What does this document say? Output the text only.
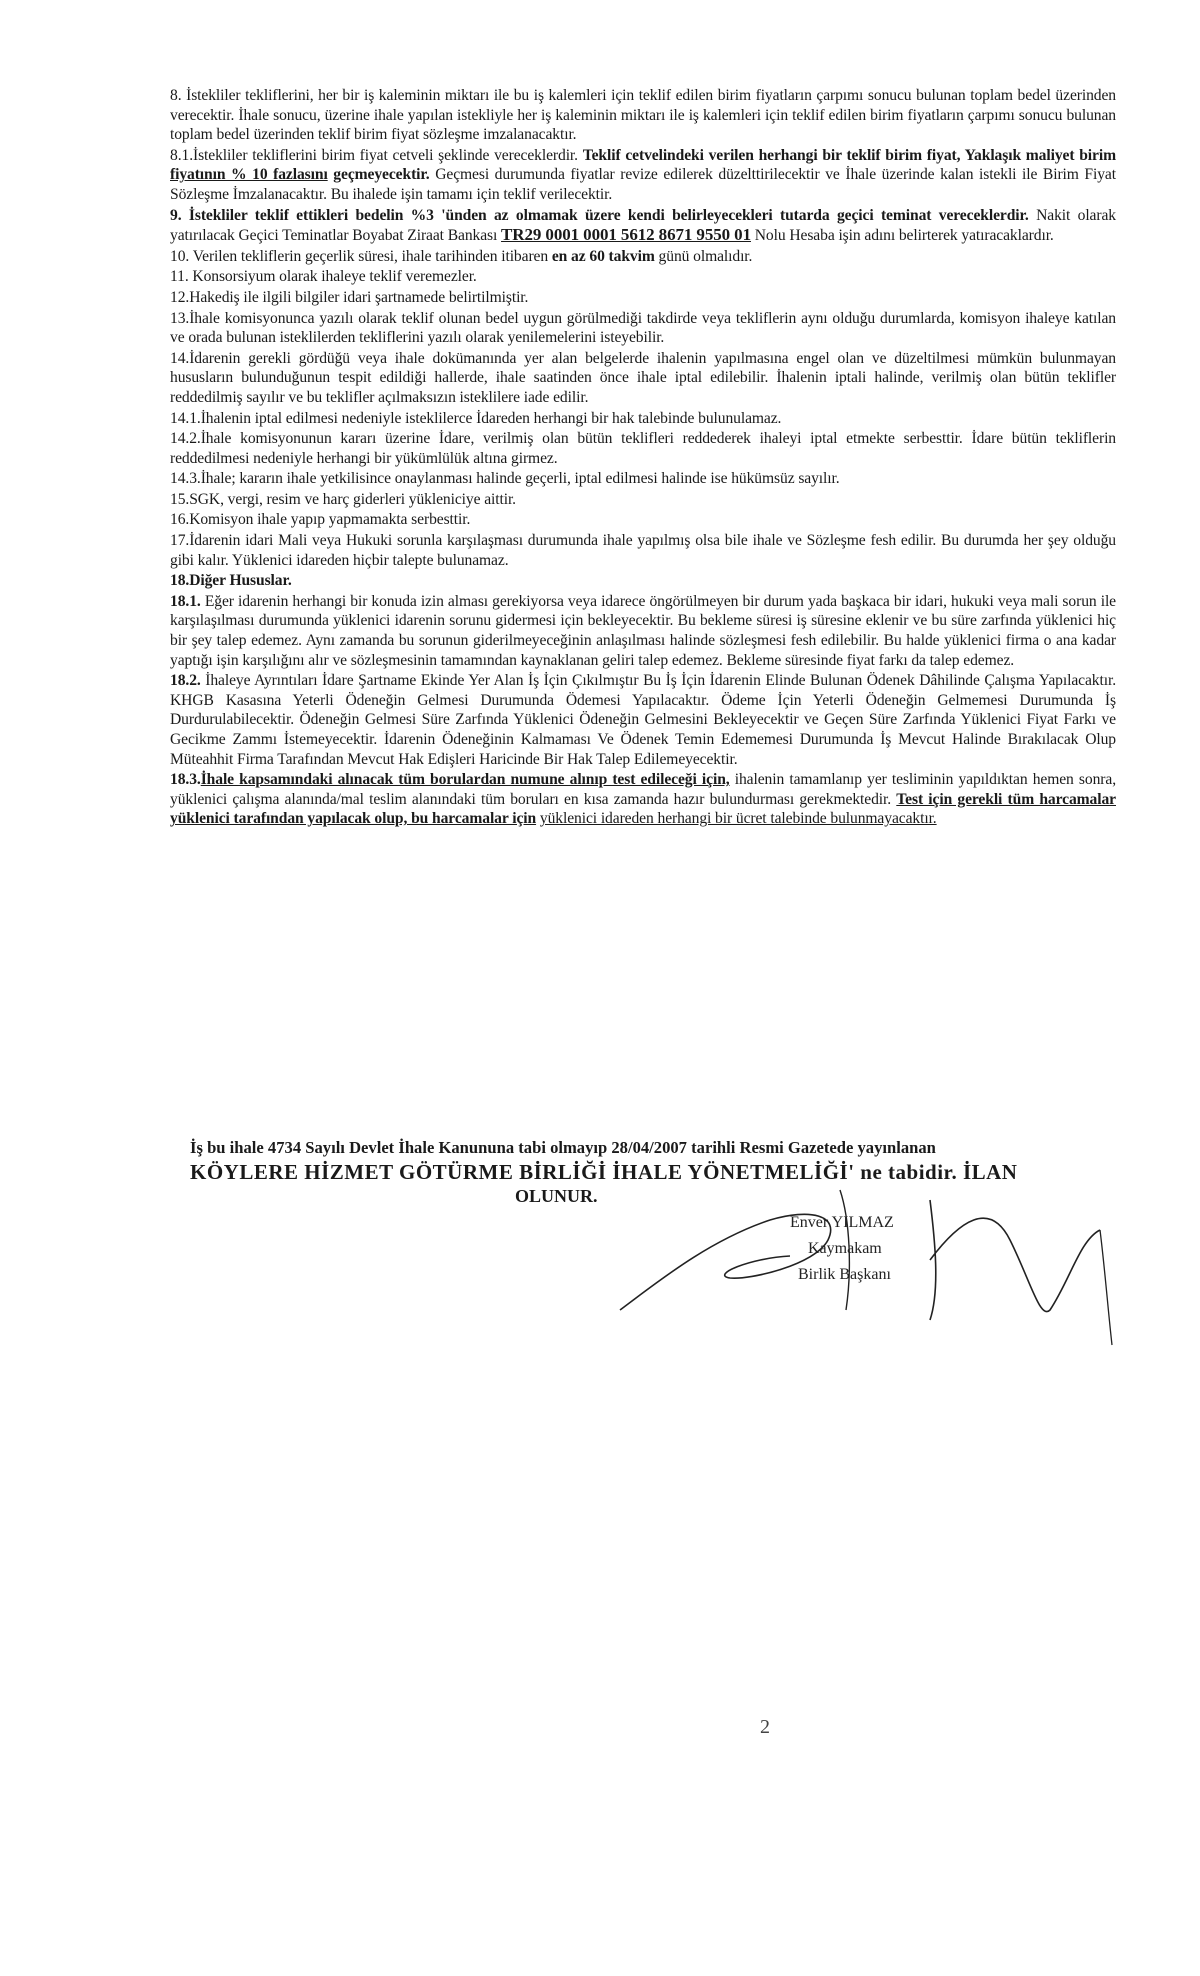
8. İstekliler tekliflerini, her bir iş kaleminin miktarı ile bu iş kalemleri için teklif edilen birim fiyatların çarpımı sonucu bulunan toplam bedel üzerinden verecektir. İhale sonucu, üzerine ihale yapılan istekliyle her iş kaleminin miktarı ile iş kalemleri için teklif edilen birim fiyatların çarpımı sonucu bulunan toplam bedel üzerinden teklif birim fiyat sözleşme imzalanacaktır.

8.1.İstekliler tekliflerini birim fiyat cetveli şeklinde vereceklerdir. Teklif cetvelindeki verilen herhangi bir teklif birim fiyat, Yaklaşık maliyet birim fiyatının % 10 fazlasını geçmeyecektir. Geçmesi durumunda fiyatlar revize edilerek düzelttirilecektir ve İhale üzerinde kalan istekli ile Birim Fiyat Sözleşme İmzalanacaktır. Bu ihalede işin tamamı için teklif verilecektir.

9. İstekliler teklif ettikleri bedelin %3 'ünden az olmamak üzere kendi belirleyecekleri tutarda geçici teminat vereceklerdir. Nakit olarak yatırılacak Geçici Teminatlar Boyabat Ziraat Bankası TR29 0001 0001 5612 8671 9550 01 Nolu Hesaba işin adını belirterek yatıracaklardır.

10. Verilen tekliflerin geçerlik süresi, ihale tarihinden itibaren en az 60 takvim günü olmalıdır.

11. Konsorsiyum olarak ihaleye teklif veremezler.

12.Hakediş ile ilgili bilgiler idari şartnamede belirtilmiştir.

13.İhale komisyonunca yazılı olarak teklif olunan bedel uygun görülmediği takdirde veya tekliflerin aynı olduğu durumlarda, komisyon ihaleye katılan ve orada bulunan isteklilerden tekliflerini yazılı olarak yenilemelerini isteyebilir.

14.İdarenin gerekli gördüğü veya ihale dokümanında yer alan belgelerde ihalenin yapılmasına engel olan ve düzeltilmesi mümkün bulunmayan hususların bulunduğunun tespit edildiği hallerde, ihale saatinden önce ihale iptal edilebilir. İhalenin iptali halinde, verilmiş olan bütün teklifler reddedilmiş sayılır ve bu teklifler açılmaksızın isteklilere iade edilir.

14.1.İhalenin iptal edilmesi nedeniyle isteklilerce İdareden herhangi bir hak talebinde bulunulamaz.

14.2.İhale komisyonunun kararı üzerine İdare, verilmiş olan bütün teklifleri reddederek ihaleyi iptal etmekte serbesttir. İdare bütün tekliflerin reddedilmesi nedeniyle herhangi bir yükümlülük altına girmez.

14.3.İhale; kararın ihale yetkilisince onaylanması halinde geçerli, iptal edilmesi halinde ise hükümsüz sayılır.

15.SGK, vergi, resim ve harç giderleri yükleniciye aittir.

16.Komisyon ihale yapıp yapmamakta serbesttir.

17.İdarenin idari Mali veya Hukuki sorunla karşılaşması durumunda ihale yapılmış olsa bile ihale ve Sözleşme fesh edilir. Bu durumda her şey olduğu gibi kalır. Yüklenici idareden hiçbir talepte bulunamaz.

18.Diğer Hususlar.

18.1. Eğer idarenin herhangi bir konuda izin alması gerekiyorsa veya idarece öngörülmeyen bir durum yada başkaca bir idari, hukuki veya mali sorun ile karşılaşılması durumunda yüklenici idarenin sorunu gidermesi için bekleyecektir. Bu bekleme süresi iş süresine eklenir ve bu süre zarfında yüklenici hiç bir şey talep edemez. Aynı zamanda bu sorunun giderilmeyeceğinin anlaşılması halinde sözleşmesi fesh edilebilir. Bu halde yüklenici firma o ana kadar yaptığı işin karşılığını alır ve sözleşmesinin tamamından kaynaklanan geliri talep edemez. Bekleme süresinde fiyat farkı da talep edemez.

18.2. İhaleye Ayrıntıları İdare Şartname Ekinde Yer Alan İş İçin Çıkılmıştır Bu İş İçin İdarenin Elinde Bulunan Ödenek Dâhilinde Çalışma Yapılacaktır. KHGB Kasasına Yeterli Ödeneğin Gelmesi Durumunda Ödemesi Yapılacaktır. Ödeme İçin Yeterli Ödeneğin Gelmemesi Durumunda İş Durdurulabilecektir. Ödeneğin Gelmesi Süre Zarfında Yüklenici Ödeneğin Gelmesini Bekleyecektir ve Geçen Süre Zarfında Yüklenici Fiyat Farkı ve Gecikme Zammı İstemeyecektir. İdarenin Ödeneğinin Kalmaması Ve Ödenek Temin Edememesi Durumunda İş Mevcut Halinde Bırakılacak Olup Müteahhit Firma Tarafından Mevcut Hak Edişleri Haricinde Bir Hak Talep Edilemeyecektir.

18.3.İhale kapsamındaki alınacak tüm borulardan numune alınıp test edileceği için, ihalenin tamamlanıp yer tesliminin yapıldıktan hemen sonra, yüklenici çalışma alanında/mal teslim alanındaki tüm boruları en kısa zamanda hazır bulundurması gerekmektedir. Test için gerekli tüm harcamalar yüklenici tarafından yapılacak olup, bu harcamalar için yüklenici idareden herhangi bir ücret talebinde bulunmayacaktır.

İş bu ihale 4734 Sayılı Devlet İhale Kanununa tabi olmayıp 28/04/2007 tarihli Resmi Gazetede yayınlanan
KÖYLERE HİZMET GÖTÜRME BİRLİĞİ İHALE YÖNETMELİĞİ' ne tabidir. İLAN
OLUNUR.
Enver YILMAZ
Kaymakam
Birlik Başkanı
2
